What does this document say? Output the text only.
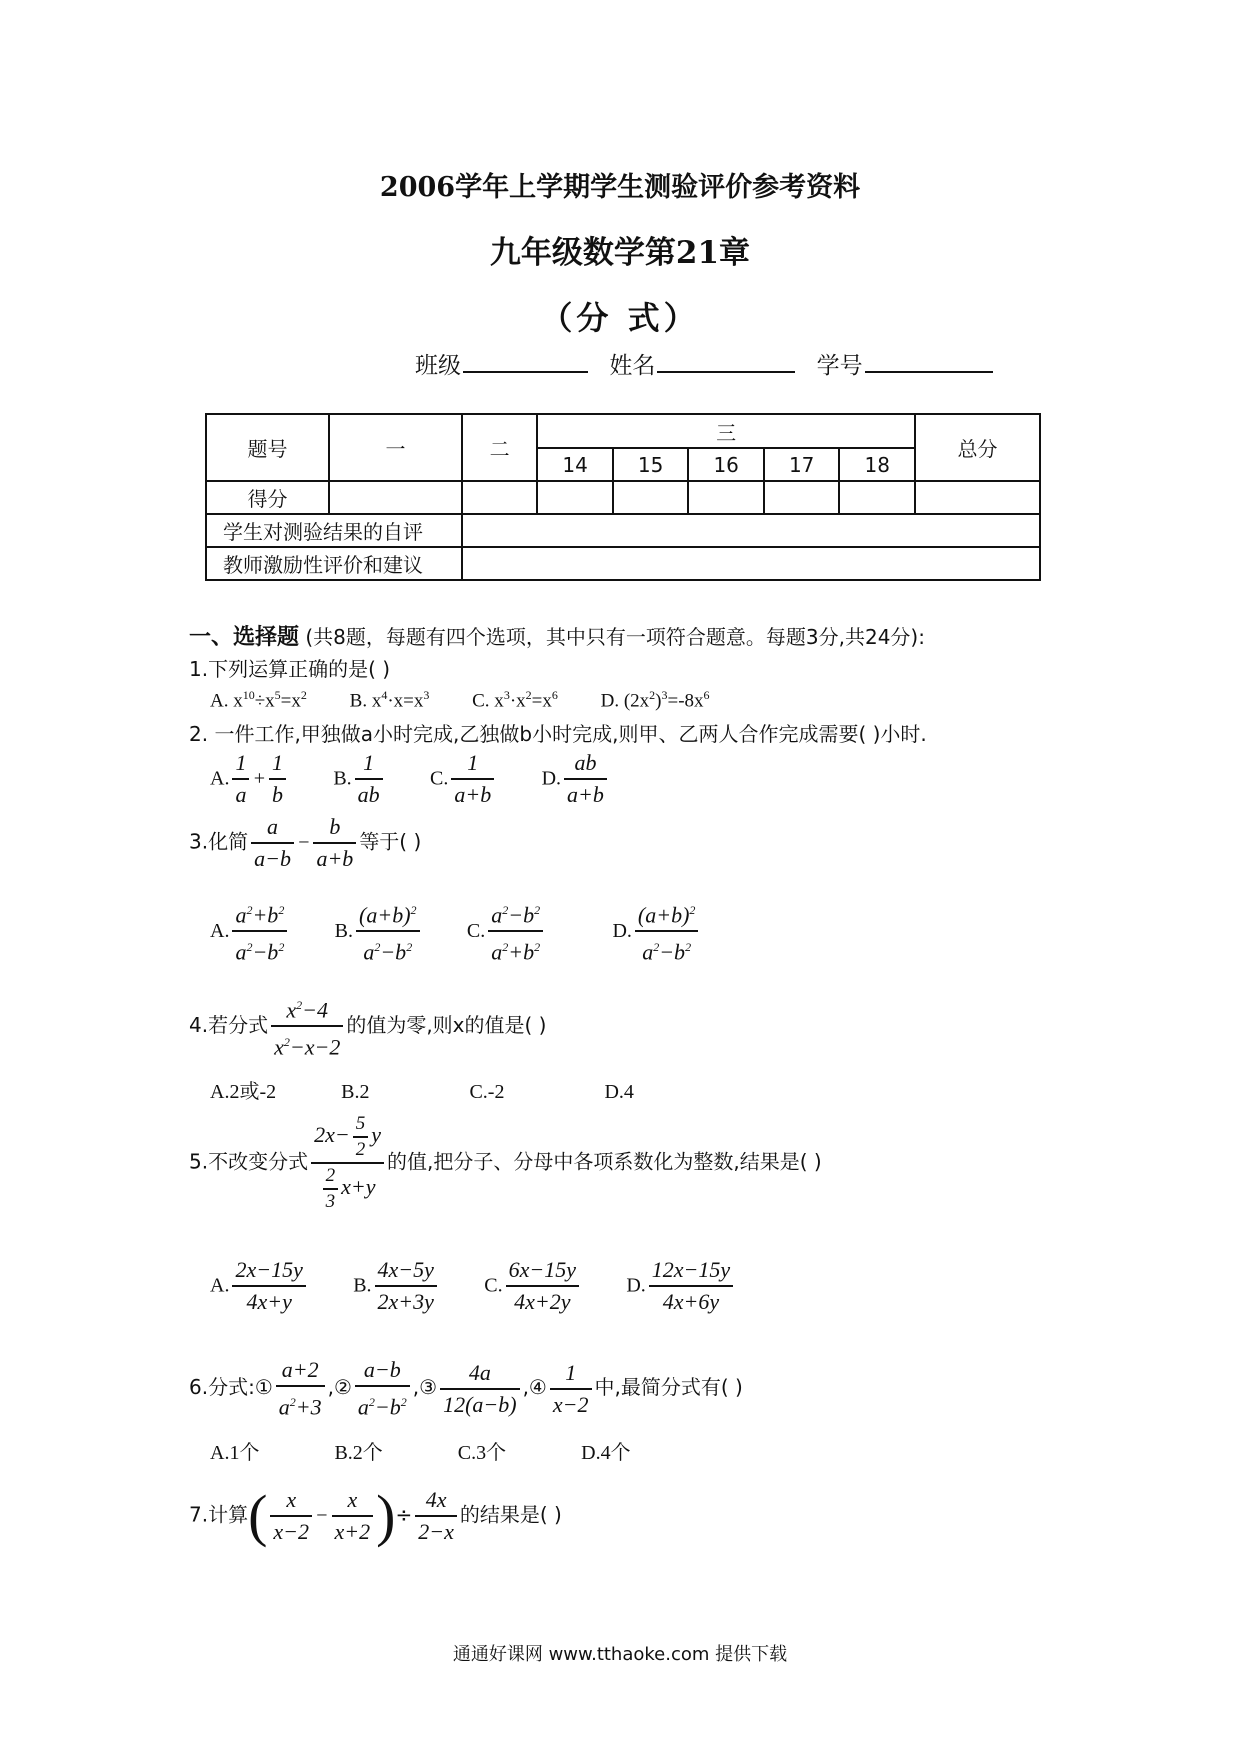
2006学年上学期学生测验评价参考资料
九年级数学第21章
（分 式）
班级	姓名	学号
题号	一	二	三					总分
			14	15	16	17	18	
得分								
学生对测验结果的自评								
教师激励性评价和建议								
一、选择题 (共8题，每题有四个选项，其中只有一项符合题意。每题3分,共24分):
1.下列运算正确的是( )
A. $x^{10}\div x^5=x^2$ B. $x^4\cdot x=x^3$ C. $x^3\cdot x^2=x^6$ D. $(2x^2)^3=-8x^6$
2. 一件工作,甲独做a小时完成,乙独做b小时完成,则甲、乙两人合作完成需要( )小时.
A. $\frac{1}{a} + \frac{1}{b} B$. $\frac{1}{ab} C$. $\frac{1}{a+b} D$. $\frac{ab}{a+b}$
3.化简 $\frac{a}{a-b} - \frac{b}{a+b}$ 等于( )
A. $\frac{a^2+b^2}{a^2-b^2} B$. $\frac{(a+b)^2}{a^2-b^2} C$. $\frac{a^2-b^2}{a^2+b^2}$	D. $\frac{(a+b)^2}{a^2-b^2}$
4.若分式 $\frac{x^2-4}{x^2-x-2}$ 的值为零,则x的值是( )
A.2或-2	B.2	C.-2	D.4
5.不改变分式 $\frac{2x- \frac{5}{2} y}{\frac{2}{3} x+y}$ 的值,把分子、分母中各项系数化为整数,结果是( )
A. $\frac{2x-15y}{4x+y} B$. $\frac{4x-5y}{2x+3y} C$. $\frac{6x-15y}{4x+2y} D$. $\frac{12x-15y}{4x+6y}$
6.分式:① $\frac{a+2}{a^2+3}$ ,② $\frac{a-b}{a^2-b^2}$ ,③ $\frac{4a}{12(a-b)}$ ,④ $\frac{1}{x-2}$ 中,最简分式有( )
A.1个	B.2个	C.3个	D.4个
7.计算( $\frac{x}{x-2} - \frac{x}{x+2}$ )÷ $\frac{4x}{2-x}$ 的结果是( )
通通好课网 www.tthaoke.com 提供下载
